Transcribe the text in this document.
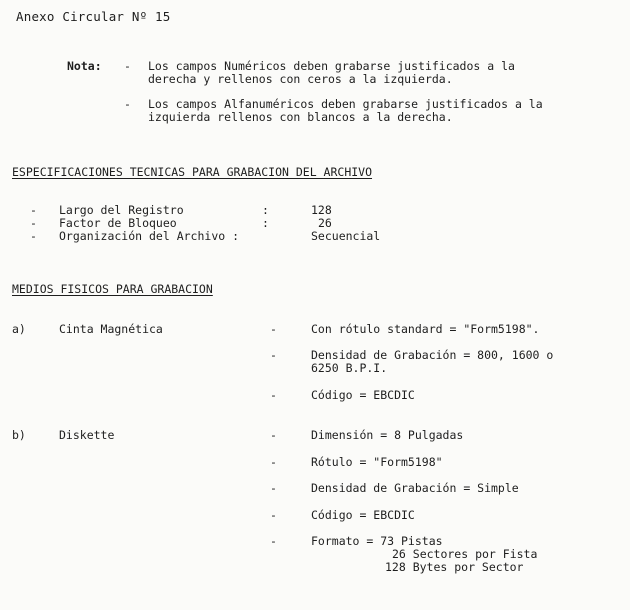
Anexo Circular Nº 15
Nota: - Los campos Numéricos deben grabarse justificados a la
derecha y rellenos con ceros a la izquierda.
- Los campos Alfanuméricos deben grabarse justificados a la
izquierda rellenos con blancos a la derecha.
ESPECIFICACIONES TECNICAS PARA GRABACION DEL ARCHIVO
- Largo del Registro	:	128
- Factor de Bloqueo	:	26
- Organización del Archivo :	Secuencial
MEDIOS FISICOS PARA GRABACION
a)	Cinta Magnética	-	Con rótulo standard = "Form5198".
-	Densidad de Grabación = 800, 1600 o
6250 B.P.I.
-	Código = EBCDIC
b)	Diskette	-	Dimensión = 8 Pulgadas
-	Rótulo = "Form5198"
-	Densidad de Grabación = Simple
-	Código = EBCDIC
-	Formato = 73 Pistas
26 Sectores por Fista
128 Bytes por Sector
